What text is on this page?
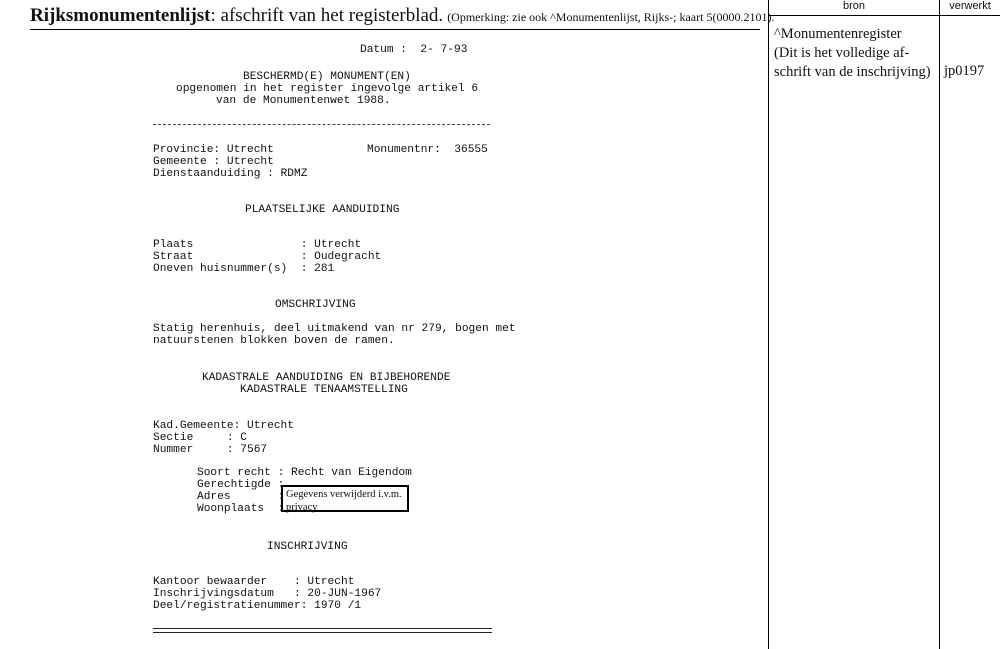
Rijksmonumentenlijst: afschrift van het registerblad. (Opmerking: zie ook ^Monumentenlijst, Rijks-; kaart 5(0000.2101).
bron	verwerkt
^Monumentenregister
(Dit is het volledige af-
schrift van de inschrijving) jp0197
Datum :  2- 7-93
BESCHERMD(E) MONUMENT(EN)
opgenomen in het register ingevolge artikel 6
van de Monumentenwet 1988.
Provincie: Utrecht	Monumentnr:  36555
Gemeente : Utrecht
Dienstaanduiding : RDMZ
PLAATSELIJKE AANDUIDING
Plaats                : Utrecht
Straat                : Oudegracht
Oneven huisnummer(s)  : 281
OMSCHRIJVING
Statig herenhuis, deel uitmakend van nr 279, bogen met
natuurstenen blokken boven de ramen.
KADASTRALE AANDUIDING EN BIJBEHORENDE
KADASTRALE TENAAMSTELLING
Kad.Gemeente: Utrecht
Sectie     : C
Nummer     : 7567
Soort recht : Recht van Eigendom
Gerechtigde :
Adres       :
Woonplaats  :
Gegevens verwijderd i.v.m. privacy
INSCHRIJVING
Kantoor bewaarder    : Utrecht
Inschrijvingsdatum   : 20-JUN-1967
Deel/registratienummer: 1970 /1
